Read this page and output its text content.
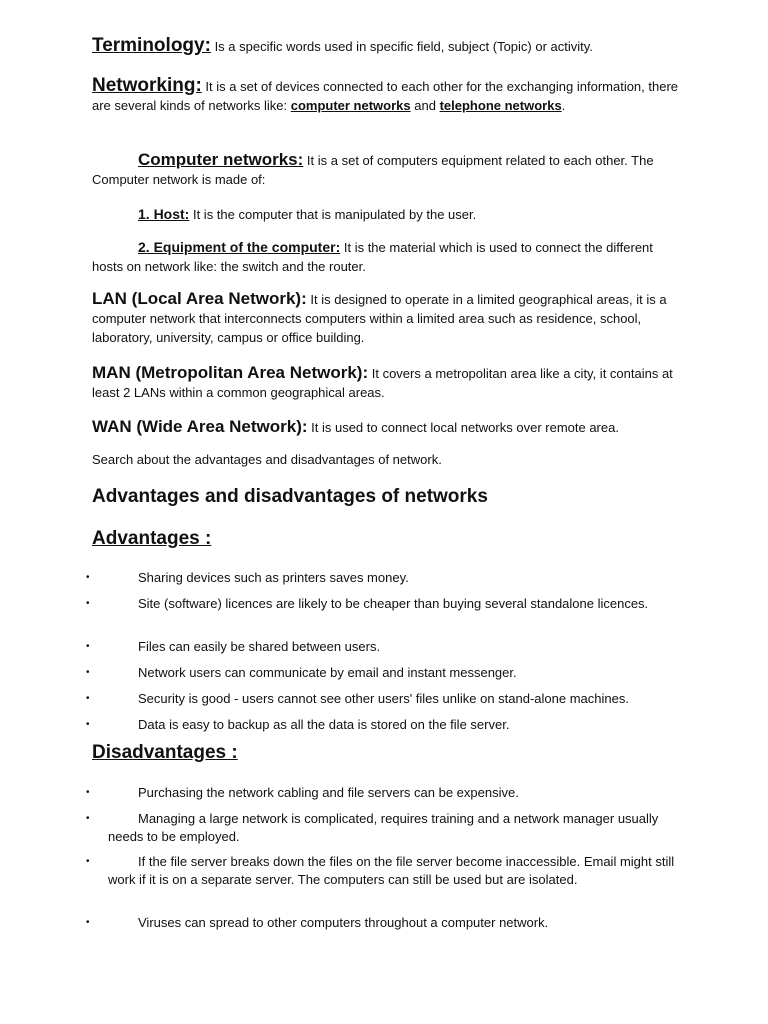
Terminology: Is a specific words used in specific field, subject (Topic) or activity.

Networking: It is a set of devices connected to each other for the exchanging information, there are several kinds of networks like: computer networks and telephone networks.

Computer networks: It is a set of computers equipment related to each other. The Computer network is made of:

1. Host: It is the computer that is manipulated by the user.

2. Equipment of the computer: It is the material which is used to connect the different hosts on network like: the switch and the router.

LAN (Local Area Network): It is designed to operate in a limited geographical areas, it is a computer network that interconnects computers within a limited area such as residence, school, laboratory, university, campus or office building.

MAN (Metropolitan Area Network): It covers a metropolitan area like a city, it contains at least 2 LANs within a common geographical areas.

WAN (Wide Area Network): It is used to connect local networks over remote area.

Search about the advantages and disadvantages of network.

Advantages and disadvantages of networks

Advantages :

•	Sharing devices such as printers saves money.
•	Site (software) licences are likely to be cheaper than buying several standalone licences.
•	Files can easily be shared between users.
•	Network users can communicate by email and instant messenger.
•	Security is good - users cannot see other users' files unlike on stand-alone machines.
•	Data is easy to backup as all the data is stored on the file server.

Disadvantages :

•	Purchasing the network cabling and file servers can be expensive.
•	Managing a large network is complicated, requires training and a network manager usually needs to be employed.
•	If the file server breaks down the files on the file server become inaccessible. Email might still work if it is on a separate server. The computers can still be used but are isolated.
•	Viruses can spread to other computers throughout a computer network.
